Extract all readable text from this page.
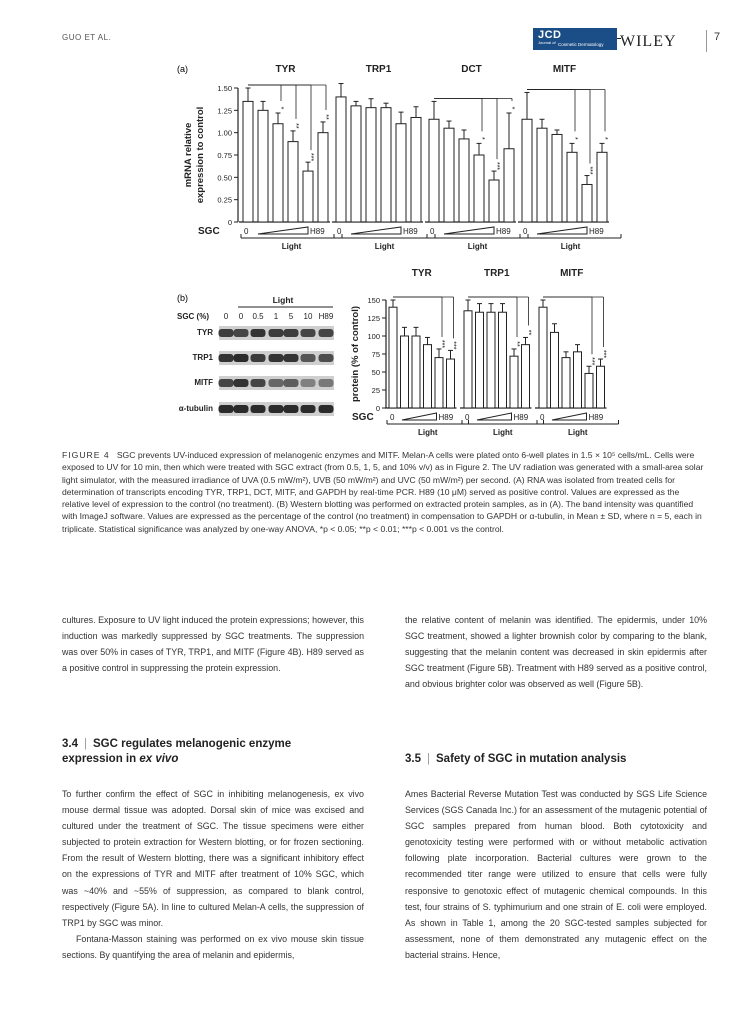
GUO ET AL.	JCD
Journal of Cosmetic Dermatology WILEY	7
(a)
(b)
0
0.25
0.50
0.75
1.00
1.25
1.50
mRNA relativeexpression to control
SGC
TYR
*
**
***
**
0	H89
Light
TRP1
0	H89
Light
DCT
*
***
*
0	H89
Light
MITF
*
***
*
0	H89
Light
0
25
50
75
100
125
150
protein (% of control)
SGC
TYR
*** ***
0	H89
Light
TRP1
**
**
0	H89
Light
MITF
***
***
0	H89
Light
Light
SGC (%) 0 0 0.5 1 5 10 H89
TYR
TRP1
MITF
α-tubulin
FIGURE 4 SGC prevents UV-induced expression of melanogenic enzymes and MITF. Melan-A cells were plated onto 6-well plates in 1.5 × 10⁵ cells/mL. Cells were exposed to UV for 10 min, then which were treated with SGC extract (from 0.5, 1, 5, and 10% v/v) as in Figure 2. The UV radiation was generated with a small-area solar light simulator, with the measured irradiance of UVA (0.5 mW/m²), UVB (50 mW/m²) and UVC (50 mW/m²) per second. (A) RNA was isolated from treated cells for determination of transcripts encoding TYR, TRP1, DCT, MITF, and GAPDH by real-time PCR. H89 (10 μM) served as positive control. Values are expressed as the relative level of expression to the control (no treatment). (B) Western blotting was performed on extracted protein samples, as in (A). The band intensity was quantified with ImageJ software. Values are expressed as the percentage of the control (no treatment) in compensation to GAPDH or α-tubulin, in Mean ± SD, where n = 5, each in triplicate. Statistical significance was analyzed by one-way ANOVA, *p < 0.05; **p < 0.01; ***p < 0.001 vs the control.

cultures. Exposure to UV light induced the protein expressions; however, this induction was markedly suppressed by SGC treatments. The suppression was over 50% in cases of TYR, TRP1, and MITF (Figure 4B). H89 served as a positive control in suppressing the protein expression.

3.4 | SGC regulates melanogenic enzyme
expression in ex vivo

To further confirm the effect of SGC in inhibiting melanogenesis, ex vivo mouse dermal tissue was adopted. Dorsal skin of mice was excised and cultured under the treatment of SGC. The tissue specimens were either subjected to protein extraction for Western blotting, or for frozen sectioning. From the result of Western blotting, there was a significant inhibitory effect on the expressions of TYR and MITF after treatment of 10% SGC, which was ~40% and ~55% of suppression, as compared to blank control, respectively (Figure 5A). In line to cultured Melan-A cells, the suppression of TRP1 by SGC was minor.

Fontana-Masson staining was performed on ex vivo mouse skin tissue sections. By quantifying the area of melanin and epidermis,

the relative content of melanin was identified. The epidermis, under 10% SGC treatment, showed a lighter brownish color by comparing to the blank, suggesting that the melanin content was decreased in skin epidermis after SGC treatment (Figure 5B). Treatment with H89 served as a positive control, and obvious brighter color was observed as well (Figure 5B).

3.5 | Safety of SGC in mutation analysis

Ames Bacterial Reverse Mutation Test was conducted by SGS Life Science Services (SGS Canada Inc.) for an assessment of the mutagenic potential of SGC samples prepared from human blood. Both cytotoxicity and genotoxicity testing were performed with or without metabolic activation following plate incorporation. Bacterial cultures were grown to the recommended titer range were utilized to ensure that cells were fully responsive to genotoxic effect of mutagenic chemical compounds. In this test, four strains of S. typhimurium and one strain of E. coli were employed. As shown in Table 1, among the 20 SGC-tested samples subjected for assessment, none of them demonstrated any mutagenic effect on the bacterial strains. Hence,
